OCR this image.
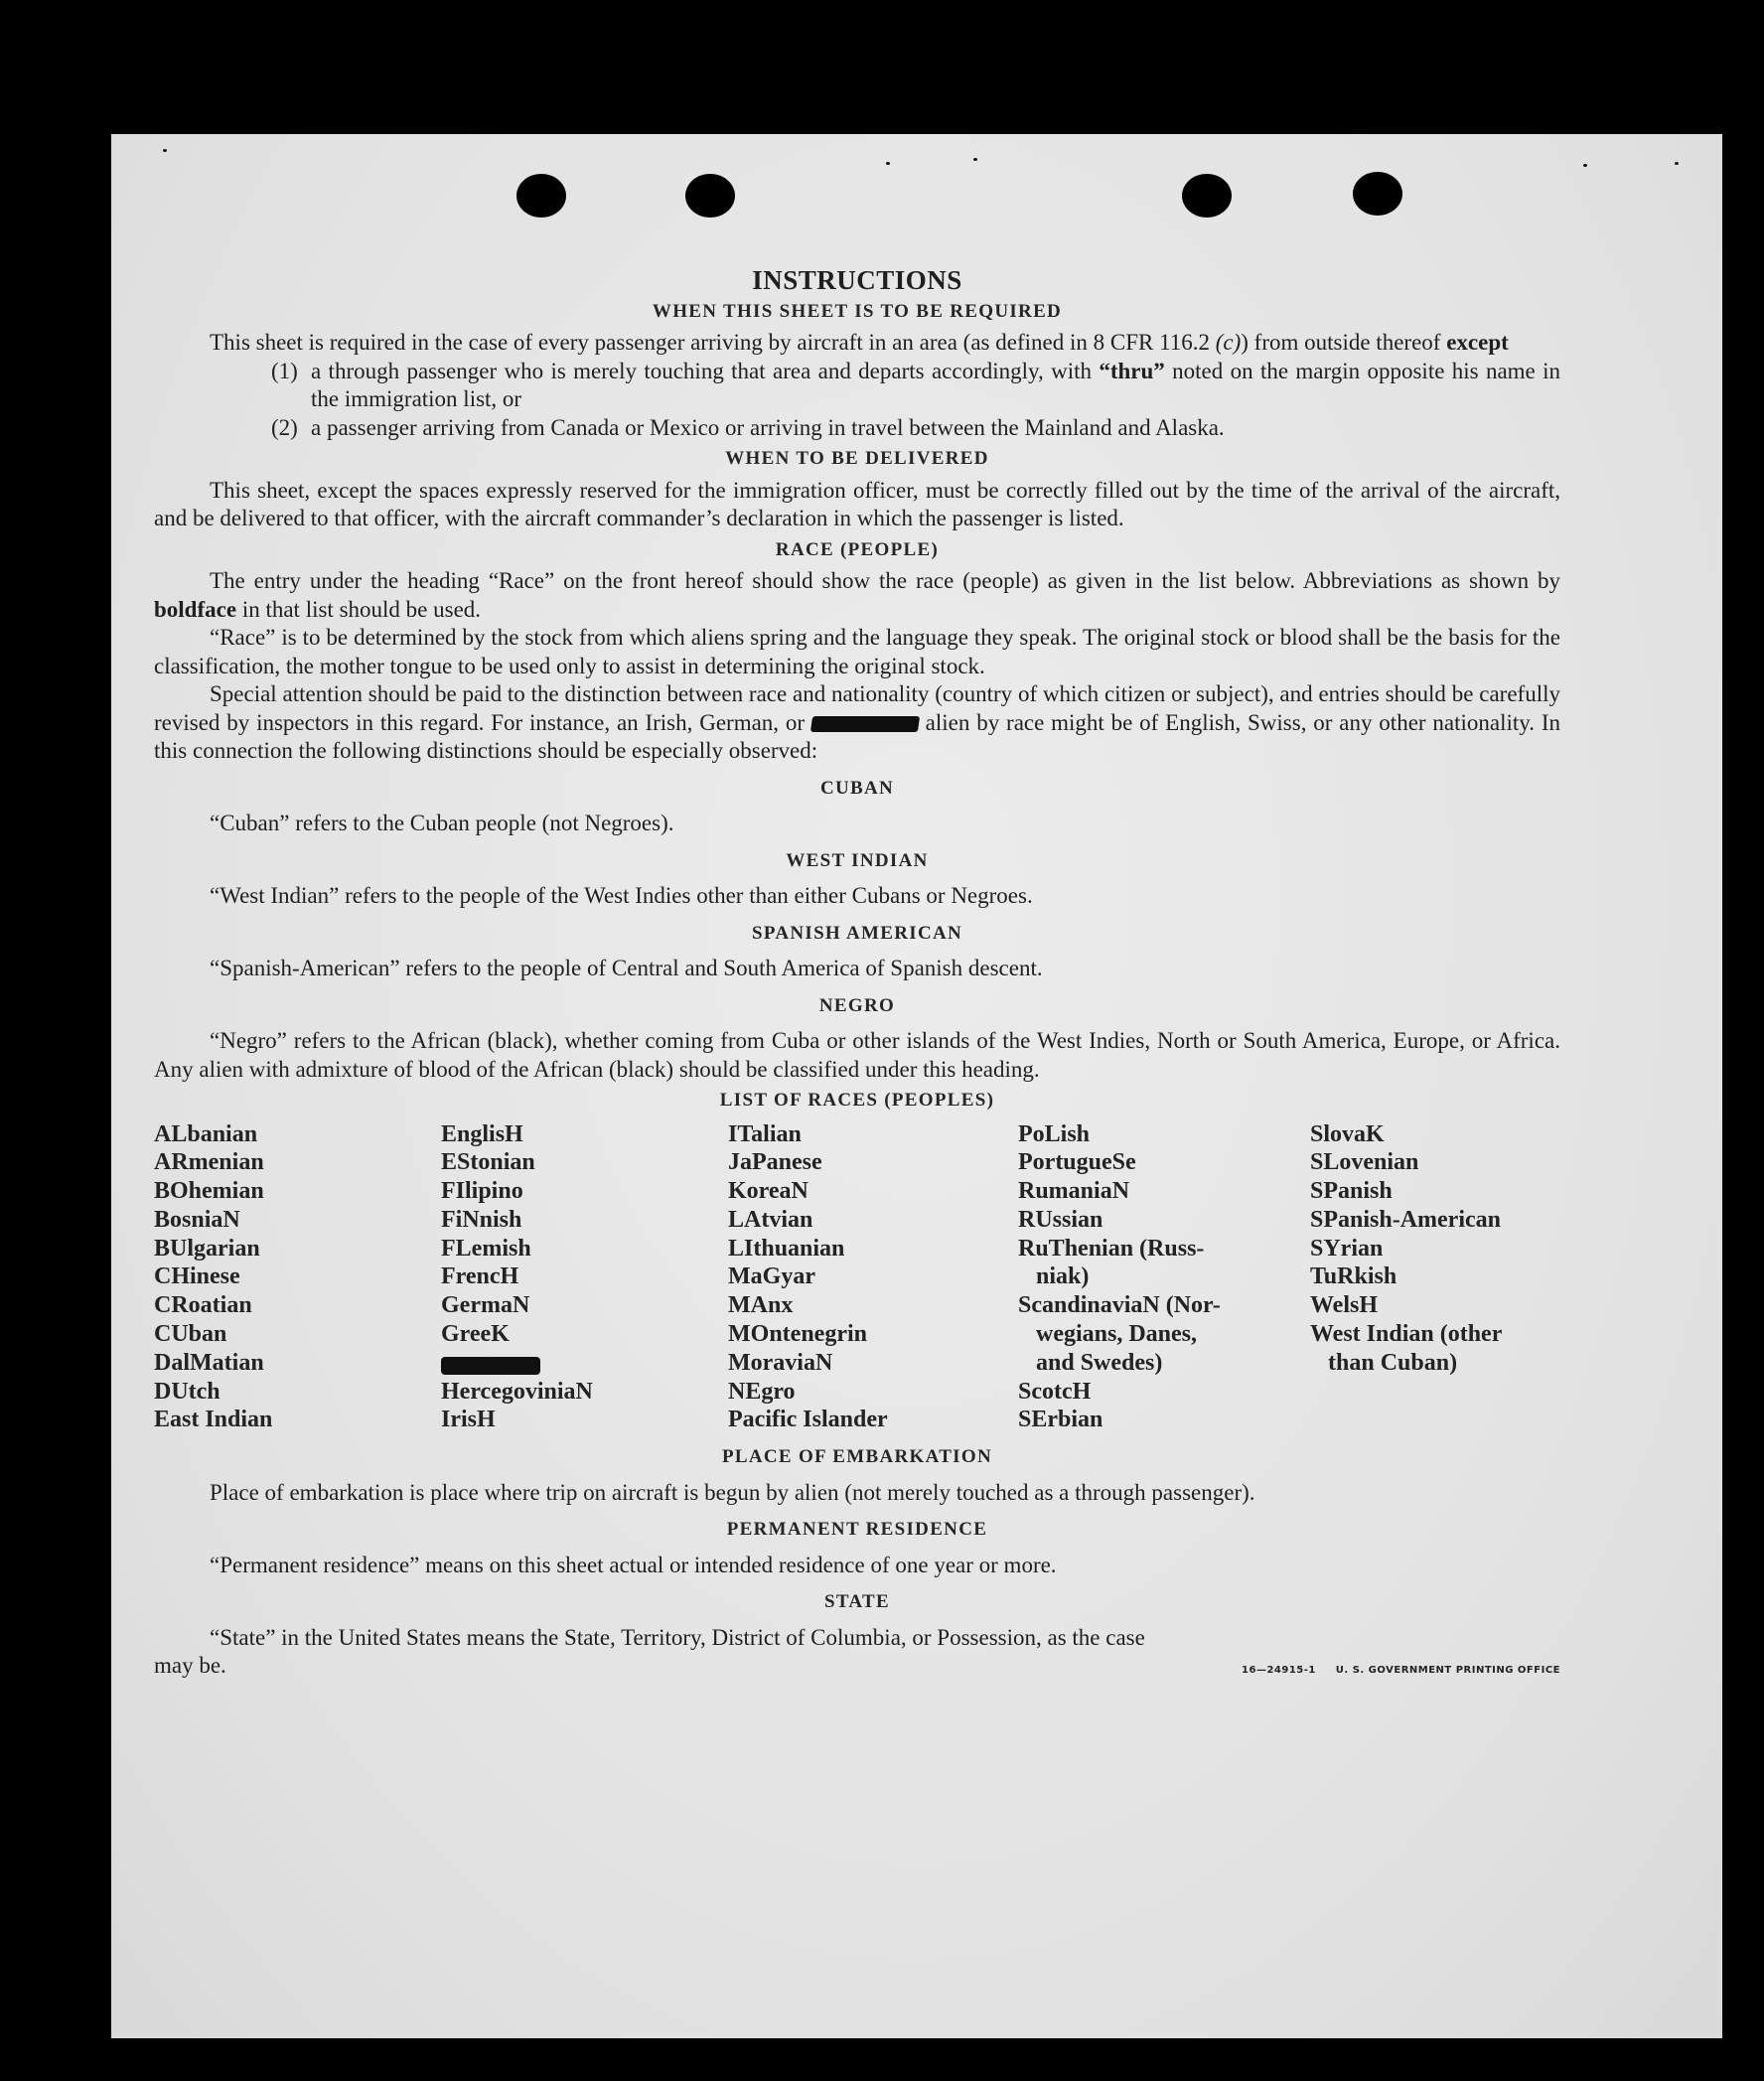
INSTRUCTIONS
WHEN THIS SHEET IS TO BE REQUIRED

This sheet is required in the case of every passenger arriving by aircraft in an area (as defined in 8 CFR 116.2 (c)) from outside thereof except

(1) a through passenger who is merely touching that area and departs accordingly, with “thru” noted on the margin opposite his name in the immigration list, or
(2) a passenger arriving from Canada or Mexico or arriving in travel between the Mainland and Alaska.
WHEN TO BE DELIVERED

This sheet, except the spaces expressly reserved for the immigration officer, must be correctly filled out by the time of the arrival of the aircraft, and be delivered to that officer, with the aircraft commander’s declaration in which the passenger is listed.

RACE (PEOPLE)

The entry under the heading “Race” on the front hereof should show the race (people) as given in the list below. Abbreviations as shown by boldface in that list should be used.

“Race” is to be determined by the stock from which aliens spring and the language they speak. The original stock or blood shall be the basis for the classification, the mother tongue to be used only to assist in determining the original stock.

Special attention should be paid to the distinction between race and nationality (country of which citizen or subject), and entries should be carefully revised by inspectors in this regard. For instance, an Irish, German, or	alien by race might be of English, Swiss, or any other nationality. In this connection the following distinctions should be especially observed:

CUBAN

“Cuban” refers to the Cuban people (not Negroes).

WEST INDIAN

“West Indian” refers to the people of the West Indies other than either Cubans or Negroes.

SPANISH AMERICAN

“Spanish-American” refers to the people of Central and South America of Spanish descent.

NEGRO

“Negro” refers to the African (black), whether coming from Cuba or other islands of the West Indies, North or South America, Europe, or Africa. Any alien with admixture of blood of the African (black) should be classified under this heading.

LIST OF RACES (PEOPLES)
ALbanian
ARmenian
BOhemian
BosniaN
BUlgarian
CHinese
CRoatian
CUban
DalMatian
DUtch
East Indian
EnglisH
EStonian
FIlipino
FiNnish
FLemish
FrencH
GermaN
GreeK
HercegoviniaN
IrisH
ITalian
JaPanese
KoreaN
LAtvian
LIthuanian
MaGyar
MAnx
MOntenegrin
MoraviaN
NEgro
Pacific Islander
PoLish
PortugueSe
RumaniaN
RUssian
RuThenian (Russ-
niak)
ScandinaviaN (Nor-
wegians, Danes,
and Swedes)
ScotcH
SErbian
SlovaK
SLovenian
SPanish
SPanish-American
SYrian
TuRkish
WelsH
West Indian (other
than Cuban)
PLACE OF EMBARKATION

Place of embarkation is place where trip on aircraft is begun by alien (not merely touched as a through passenger).

PERMANENT RESIDENCE

“Permanent residence” means on this sheet actual or intended residence of one year or more.

STATE

“State” in the United States means the State, Territory, District of Columbia, or Possession, as the case

may be.	16—24915-1 U. S. GOVERNMENT PRINTING OFFICE
